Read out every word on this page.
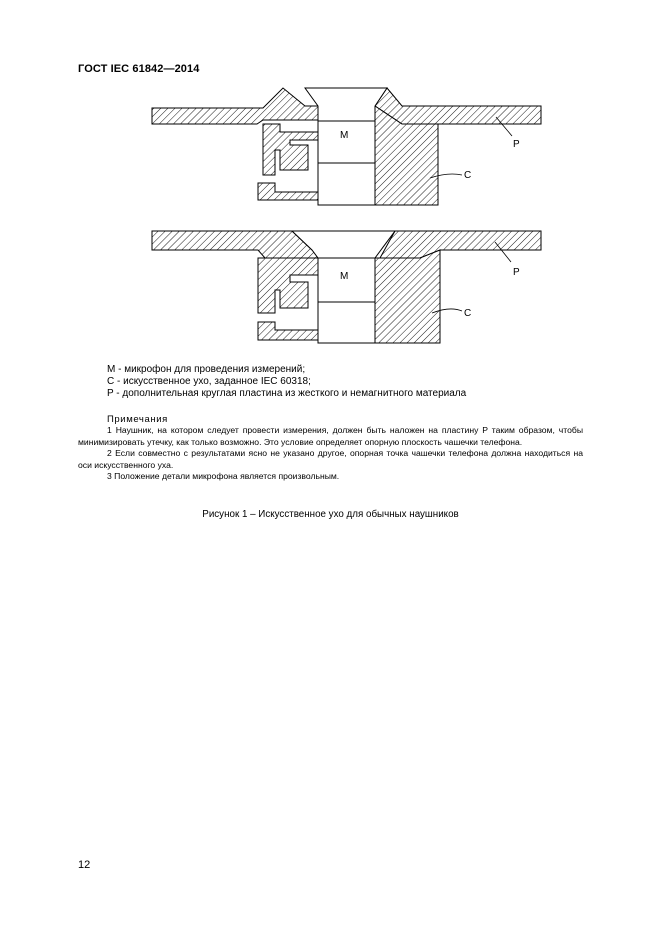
ГОСТ IEC 61842—2014
M
P
C
M	P
C
M - микрофон для проведения измерений;
C - искусственное ухо, заданное IEC 60318;
P - дополнительная круглая пластина из жесткого и немагнитного материала
Примечания

1 Наушник, на котором следует провести измерения, должен быть наложен на пластину P таким образом, чтобы минимизировать утечку, как только возможно. Это условие определяет опорную плоскость чашечки телефона.

2 Если совместно с результатами ясно не указано другое, опорная точка чашечки телефона должна находиться на оси искусственного уха.

3 Положение детали микрофона является произвольным.

Рисунок 1 – Искусственное ухо для обычных наушников
12
